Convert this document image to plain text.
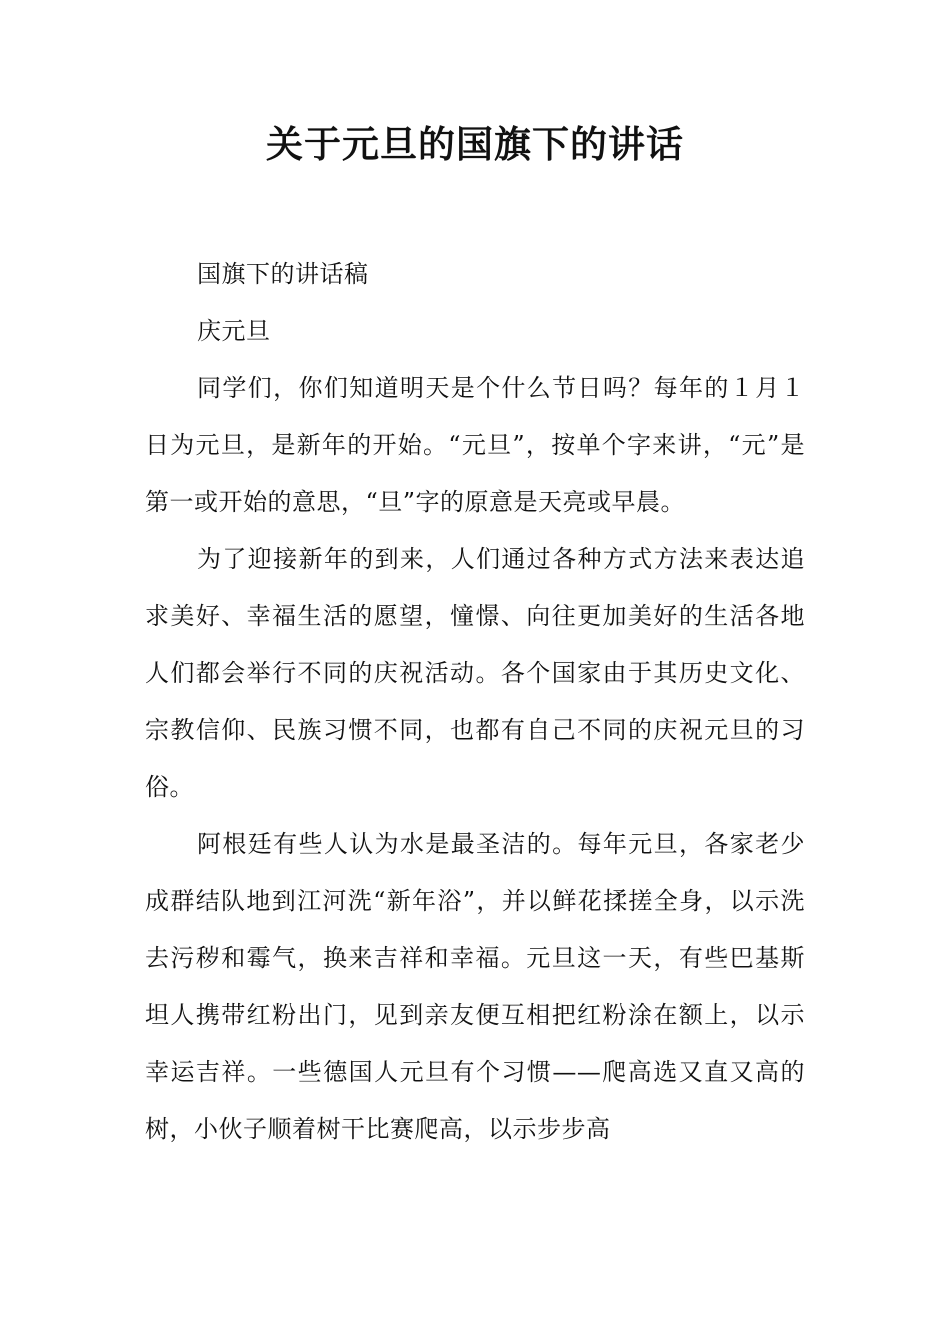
关于元旦的国旗下的讲话

国旗下的讲话稿

庆元旦

同学们，你们知道明天是个什么节日吗？每年的１月１日为元旦，是新年的开始。“元旦”，按单个字来讲，“元”是第一或开始的意思，“旦”字的原意是天亮或早晨。

为了迎接新年的到来，人们通过各种方式方法来表达追求美好、幸福生活的愿望，憧憬、向往更加美好的生活各地人们都会举行不同的庆祝活动。各个国家由于其历史文化、宗教信仰、民族习惯不同，也都有自己不同的庆祝元旦的习俗。

阿根廷有些人认为水是最圣洁的。每年元旦，各家老少成群结队地到江河洗“新年浴”，并以鲜花揉搓全身，以示洗去污秽和霉气，换来吉祥和幸福。元旦这一天，有些巴基斯坦人携带红粉出门，见到亲友便互相把红粉涂在额上，以示幸运吉祥。一些德国人元旦有个习惯——爬高选又直又高的树，小伙子顺着树干比赛爬高，以示步步高
